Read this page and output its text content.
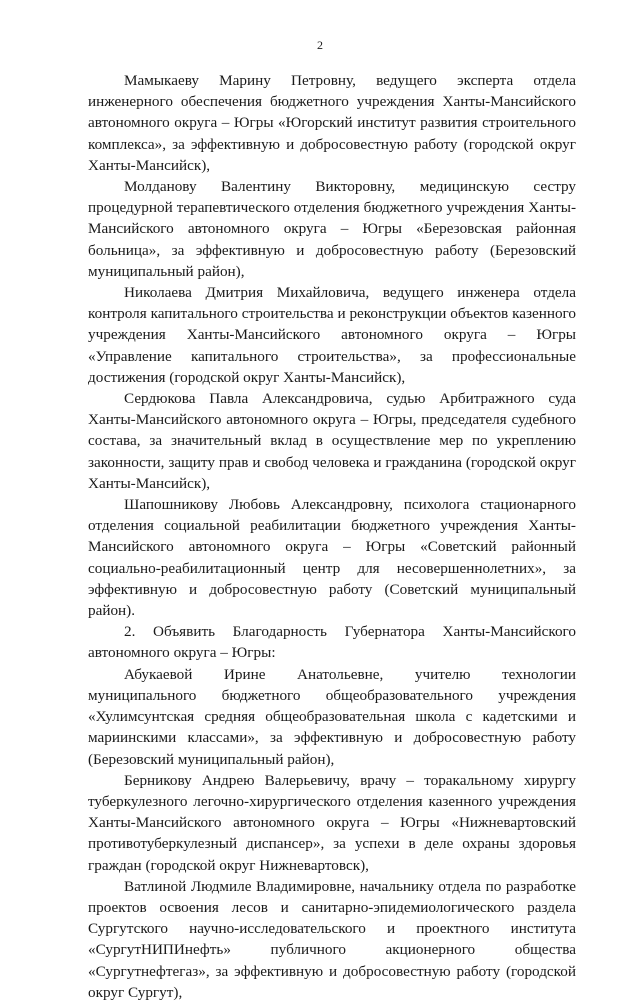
2

Мамыкаеву Марину Петровну, ведущего эксперта отдела инженерного обеспечения бюджетного учреждения Ханты-Мансийского автономного округа – Югры «Югорский институт развития строительного комплекса», за эффективную и добросовестную работу (городской округ Ханты-Мансийск),

Молданову Валентину Викторовну, медицинскую сестру процедурной терапевтического отделения бюджетного учреждения Ханты-Мансийского автономного округа – Югры «Березовская районная больница», за эффективную и добросовестную работу (Березовский муниципальный район),

Николаева Дмитрия Михайловича, ведущего инженера отдела контроля капитального строительства и реконструкции объектов казенного учреждения Ханты-Мансийского автономного округа – Югры «Управление капитального строительства», за профессиональные достижения (городской округ Ханты-Мансийск),

Сердюкова Павла Александровича, судью Арбитражного суда Ханты-Мансийского автономного округа – Югры, председателя судебного состава, за значительный вклад в осуществление мер по укреплению законности, защиту прав и свобод человека и гражданина (городской округ Ханты-Мансийск),

Шапошникову Любовь Александровну, психолога стационарного отделения социальной реабилитации бюджетного учреждения Ханты-Мансийского автономного округа – Югры «Советский районный социально-реабилитационный центр для несовершеннолетних», за эффективную и добросовестную работу (Советский муниципальный район).

2. Объявить Благодарность Губернатора Ханты-Мансийского автономного округа – Югры:

Абукаевой Ирине Анатольевне, учителю технологии муниципального бюджетного общеобразовательного учреждения «Хулимсунтская средняя общеобразовательная школа с кадетскими и мариинскими классами», за эффективную и добросовестную работу (Березовский муниципальный район),

Берникову Андрею Валерьевичу, врачу – торакальному хирургу туберкулезного легочно-хирургического отделения казенного учреждения Ханты-Мансийского автономного округа – Югры «Нижневартовский противотуберкулезный диспансер», за успехи в деле охраны здоровья граждан (городской округ Нижневартовск),

Ватлиной Людмиле Владимировне, начальнику отдела по разработке проектов освоения лесов и санитарно-эпидемиологического раздела Сургутского научно-исследовательского и проектного института «СургутНИПИнефть» публичного акционерного общества «Сургутнефтегаз», за эффективную и добросовестную работу (городской округ Сургут),
